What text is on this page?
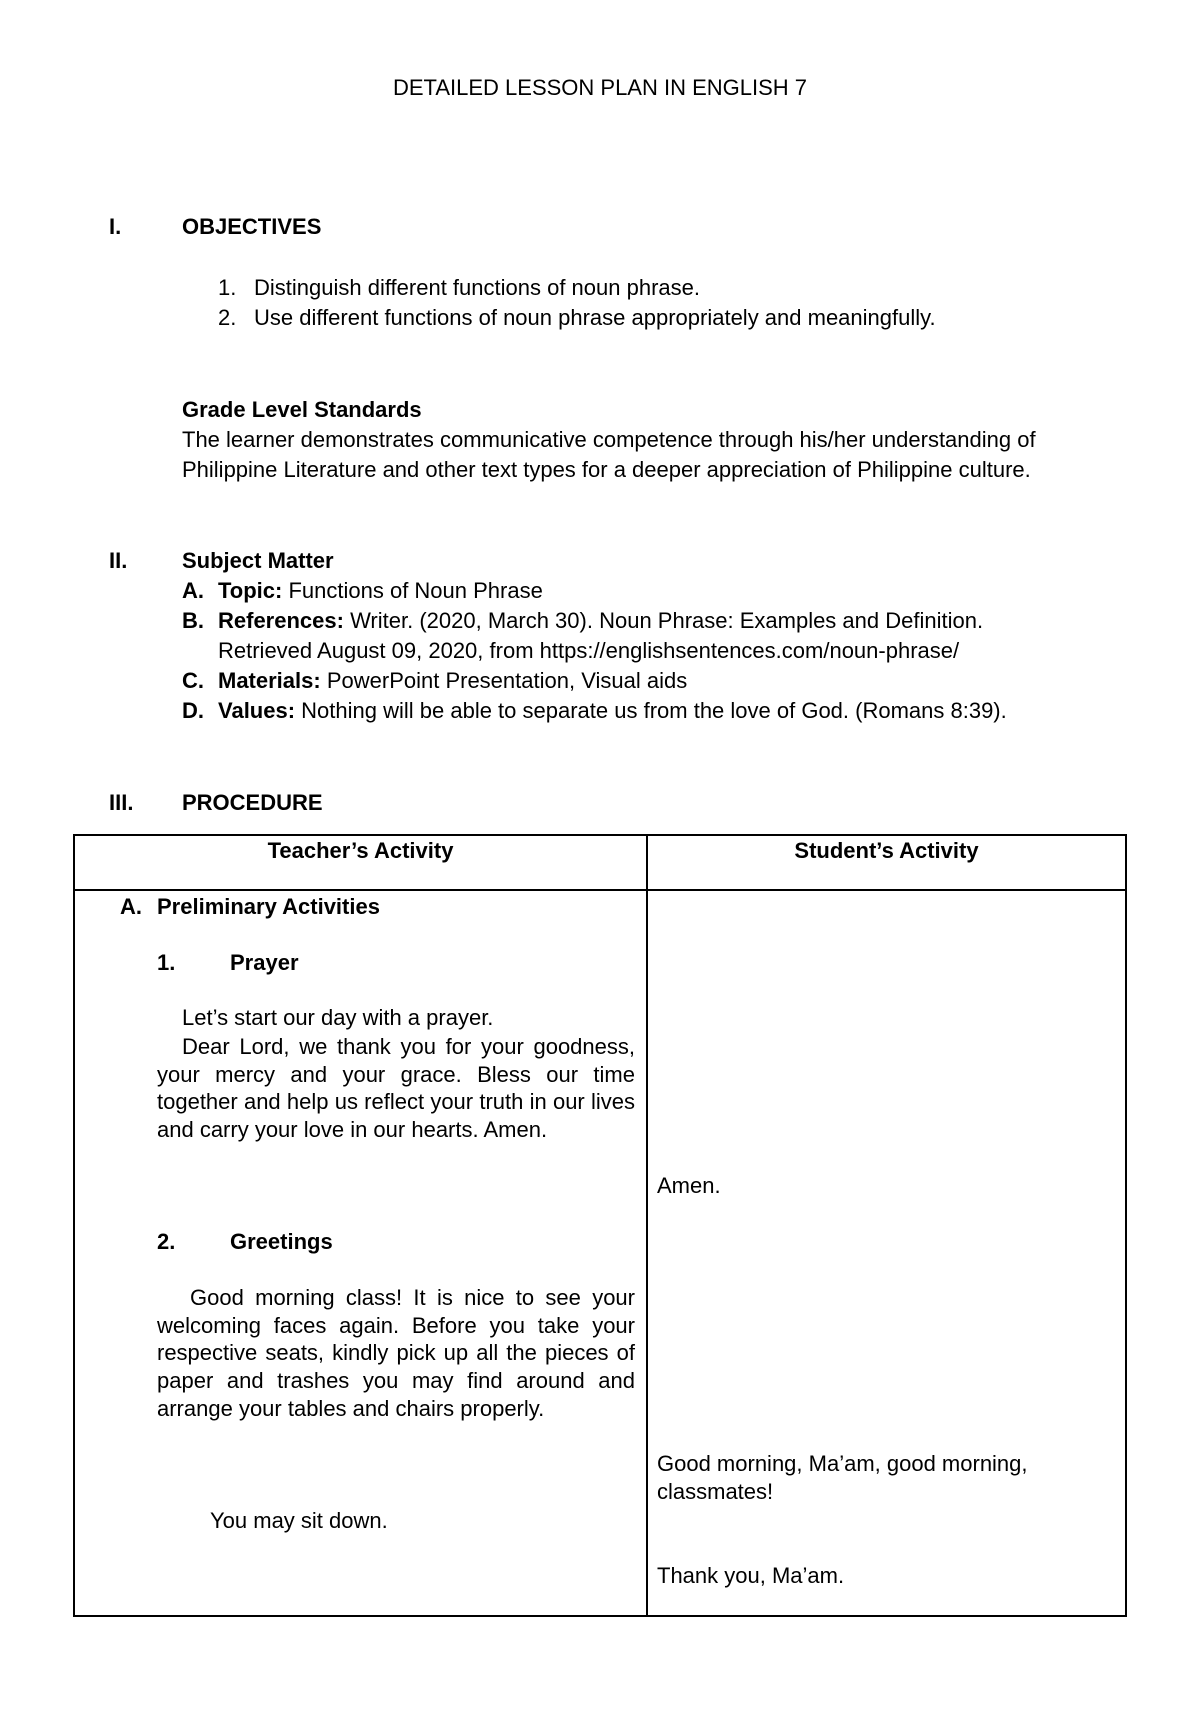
DETAILED LESSON PLAN IN ENGLISH 7
I.	OBJECTIVES
1. Distinguish different functions of noun phrase.
2. Use different functions of noun phrase appropriately and meaningfully.
Grade Level Standards
The learner demonstrates communicative competence through his/her understanding of
Philippine Literature and other text types for a deeper appreciation of Philippine culture.
II. Subject Matter
A. Topic: Functions of Noun Phrase
B. References: Writer. (2020, March 30). Noun Phrase: Examples and Definition.
Retrieved August 09, 2020, from https://englishsentences.com/noun-phrase/
C. Materials: PowerPoint Presentation, Visual aids
D. Values: Nothing will be able to separate us from the love of God. (Romans 8:39).
III. PROCEDURE
Teacher’s Activity	Student’s Activity
A. Preliminary Activities
1. Prayer
Let’s start our day with a prayer.
Dear Lord, we thank you for your goodness, your mercy and your grace. Bless our time together and help us reflect your truth in our lives and carry your love in our hearts. Amen.
2. Greetings
Good morning class! It is nice to see your welcoming faces again. Before you take your respective seats, kindly pick up all the pieces of paper and trashes you may find around and arrange your tables and chairs properly.
You may sit down.
Amen.
Good morning, Ma’am, good morning,
classmates!
Thank you, Ma’am.
